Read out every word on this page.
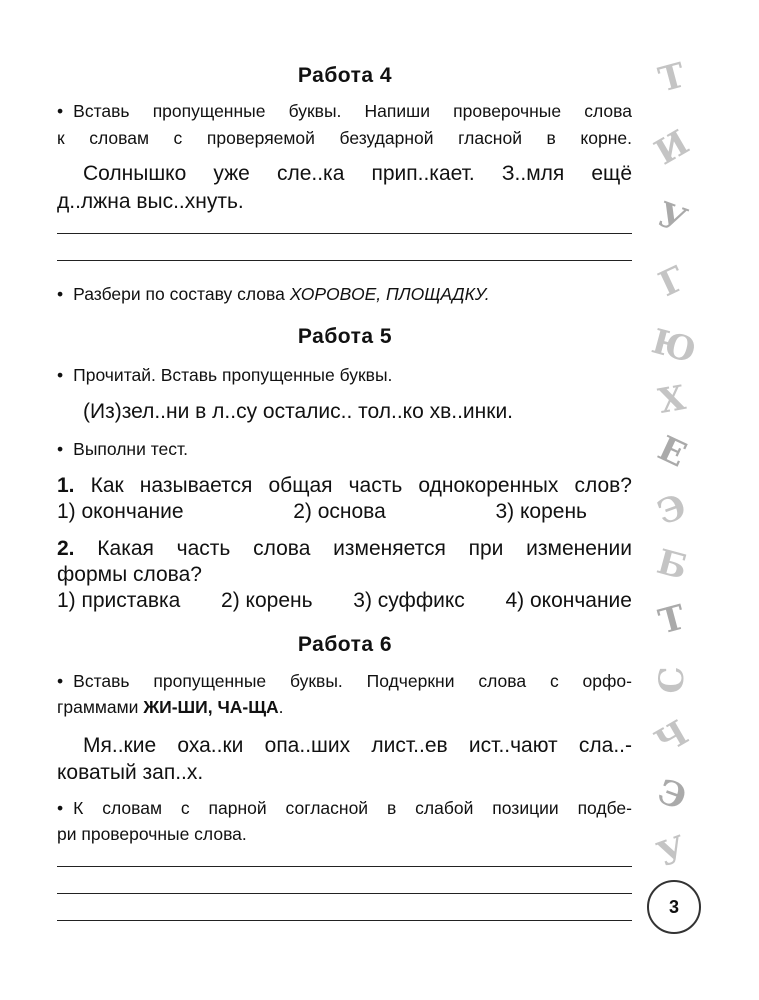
Работа 4
• Вставь пропущенные буквы. Напиши проверочные слова
к словам с проверяемой безударной гласной в корне.
Солнышко уже сле..ка прип..кает. З..мля ещё
д..лжна выс..хнуть.
• Разбери по составу слова ХОРОВОЕ, ПЛОЩАДКУ.
Работа 5
• Прочитай. Вставь пропущенные буквы.
(Из)зел..ни в л..су осталис.. тол..ко хв..инки.
• Выполни тест.
1. Как называется общая часть однокоренных слов?
1) окончание	2) основа	3) корень
2. Какая часть слова изменяется при изменении
формы слова?
1) приставка 2) корень 3) суффикс 4) окончание
Работа 6
• Вставь пропущенные буквы. Подчеркни слова с орфо-
граммами ЖИ-ШИ, ЧА-ЩА.
Мя..кие оха..ки опа..ших лист..ев ист..чают сла..-
коватый зап..х.
• К словам с парной согласной в слабой позиции подбе-
ри проверочные слова.
Т
И
У
Г
Ю
Х
Е
Э
Б
Т
С
Ч
Э
У
3
